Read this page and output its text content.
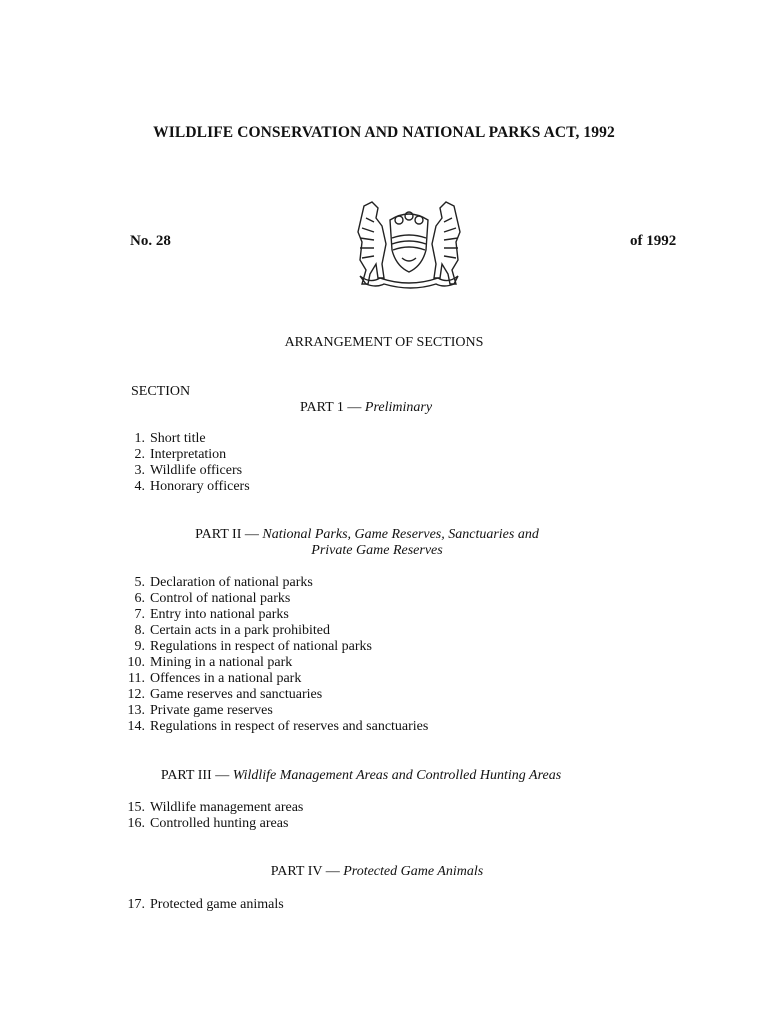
WILDLIFE CONSERVATION AND NATIONAL PARKS ACT, 1992
No. 28	of 1992
ARRANGEMENT OF SECTIONS
SECTION
PART 1 — Preliminary
1. Short title
2. Interpretation
3. Wildlife officers
4. Honorary officers
PART II — National Parks, Game Reserves, Sanctuaries and
Private Game Reserves
5. Declaration of national parks
6. Control of national parks
7. Entry into national parks
8. Certain acts in a park prohibited
9. Regulations in respect of national parks
10. Mining in a national park
11. Offences in a national park
12. Game reserves and sanctuaries
13. Private game reserves
14. Regulations in respect of reserves and sanctuaries
PART III — Wildlife Management Areas and Controlled Hunting Areas
15. Wildlife management areas
16. Controlled hunting areas
PART IV — Protected Game Animals
17. Protected game animals
